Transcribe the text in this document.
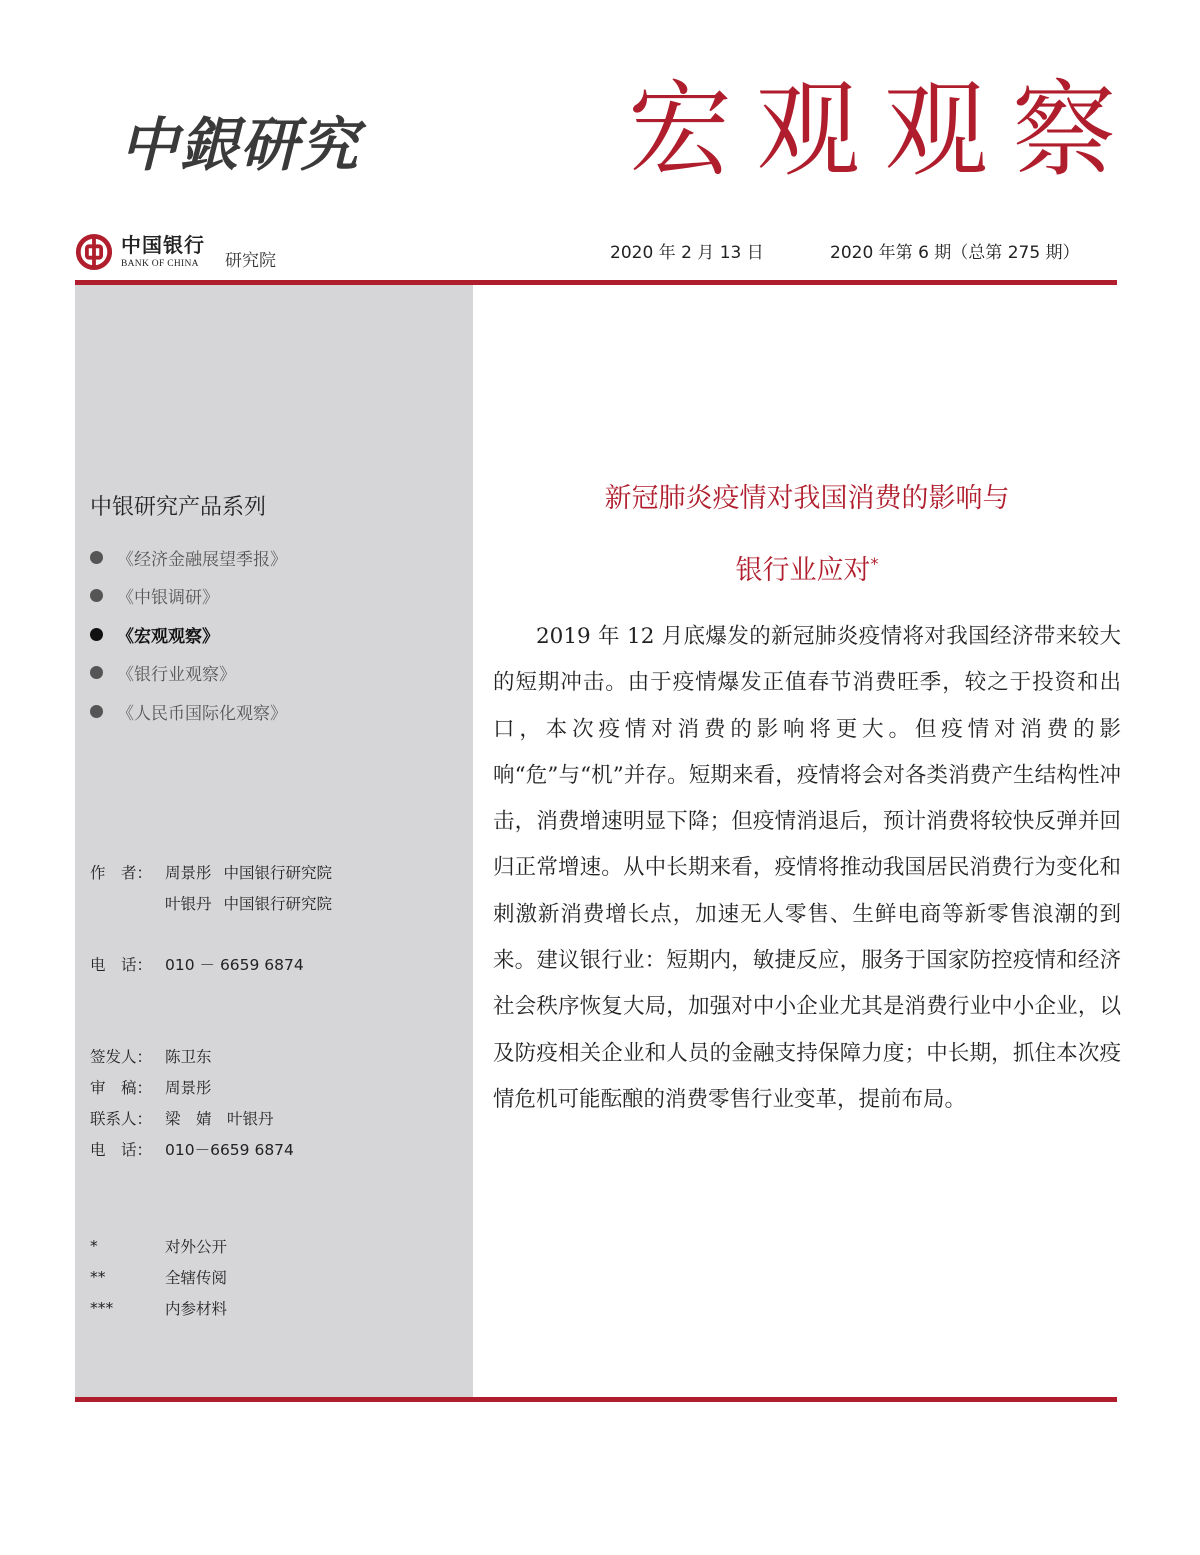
中銀研究	宏观观察
中国银行
BANK OF CHINA	研究院	2020 年 2 月 13 日	2020 年第 6 期（总第 275 期）
中银研究产品系列
《经济金融展望季报》
《中银调研》
《宏观观察》
《银行业观察》
《人民币国际化观察》
作　者： 周景彤 中国银行研究院
叶银丹 中国银行研究院
电　话： 010 － 6659 6874
签发人： 陈卫东
审　稿： 周景彤
联系人： 梁　婧　叶银丹
电　话： 010－6659 6874
*	对外公开
**	全辖传阅
***	内参材料
新冠肺炎疫情对我国消费的影响与
银行业应对*

2019 年 12 月底爆发的新冠肺炎疫情将对我国经济带来较大的短期冲击。由于疫情爆发正值春节消费旺季，较之于投资和出口，本次疫情对消费的影响将更大。但疫情对消费的影响“危”与“机”并存。短期来看，疫情将会对各类消费产生结构性冲击，消费增速明显下降；但疫情消退后，预计消费将较快反弹并回归正常增速。从中长期来看，疫情将推动我国居民消费行为变化和刺激新消费增长点，加速无人零售、生鲜电商等新零售浪潮的到来。建议银行业：短期内，敏捷反应，服务于国家防控疫情和经济社会秩序恢复大局，加强对中小企业尤其是消费行业中小企业，以及防疫相关企业和人员的金融支持保障力度；中长期，抓住本次疫情危机可能酝酿的消费零售行业变革，提前布局。
